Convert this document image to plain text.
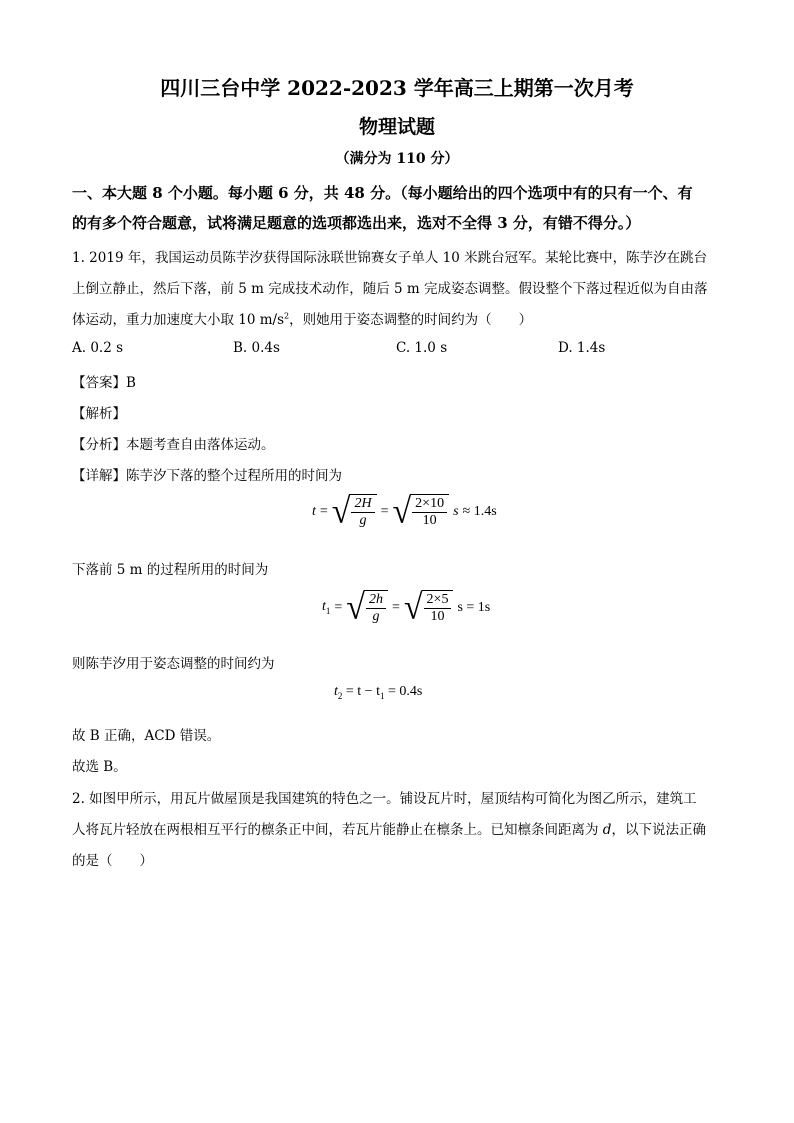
四川三台中学 2022-2023 学年高三上期第一次月考
物理试题
（满分为 110 分）
一、本大题 8 个小题。每小题 6 分，共 48 分。（每小题给出的四个选项中有的只有一个、有
的有多个符合题意，试将满足题意的选项都选出来，选对不全得 3 分，有错不得分。）
1. 2019 年，我国运动员陈芋汐获得国际泳联世锦赛女子单人 10 米跳台冠军。某轮比赛中，陈芋汐在跳台
上倒立静止，然后下落，前 5 m 完成技术动作，随后 5 m 完成姿态调整。假设整个下落过程近似为自由落
体运动，重力加速度大小取 10 $m/s^2$，则她用于姿态调整的时间约为（　　）
A. 0.2 s	B. 0.4s	C. 1.0 s	D. 1.4s
【答案】B
【解析】
【分析】本题考查自由落体运动。
【详解】陈芋汐下落的整个过程所用的时间为
t = √ $\frac{2H}{g}$ = √ $\frac{2\times 10}{10}$ s ≈ 1.4s
下落前 5 m 的过程所用的时间为
$t_1$ = √ $\frac{2h}{g}$ = √ $\frac{2\times 5}{10}$ s = 1s
则陈芋汐用于姿态调整的时间约为
$t_2 = t - t_1 = 0.4s$
故 B 正确，ACD 错误。
故选 B。
2. 如图甲所示，用瓦片做屋顶是我国建筑的特色之一。铺设瓦片时，屋顶结构可简化为图乙所示，建筑工
人将瓦片轻放在两根相互平行的檩条正中间，若瓦片能静止在檩条上。已知檩条间距离为 d，以下说法正确
的是（　　）
